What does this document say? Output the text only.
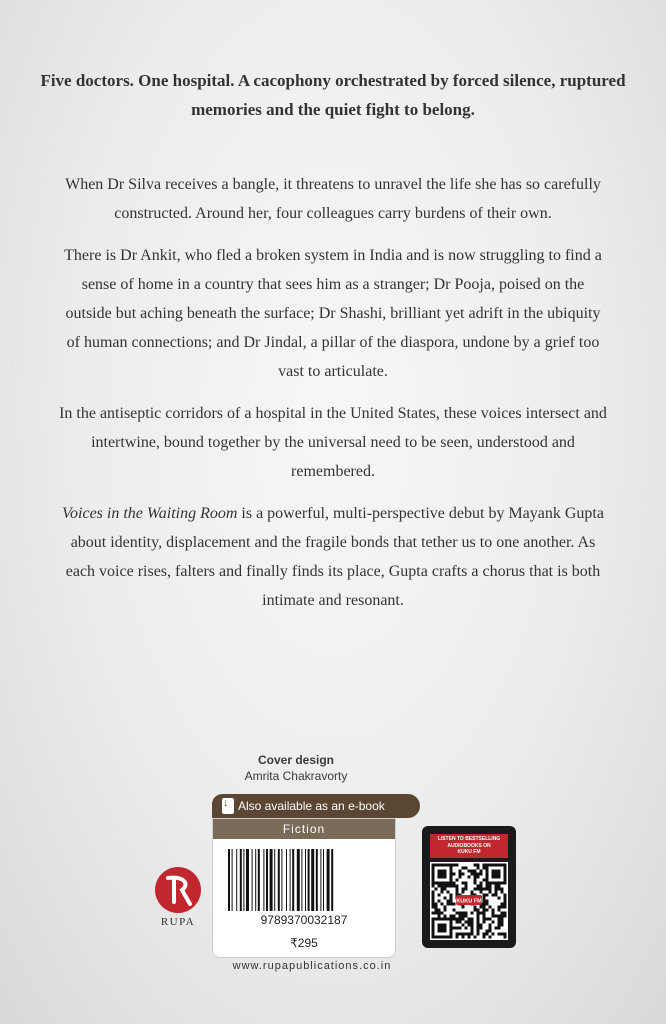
Five doctors. One hospital. A cacophony orchestrated by forced silence, ruptured memories and the quiet fight to belong.

When Dr Silva receives a bangle, it threatens to unravel the life she has so carefully constructed. Around her, four colleagues carry burdens of their own.

There is Dr Ankit, who fled a broken system in India and is now struggling to find a sense of home in a country that sees him as a stranger; Dr Pooja, poised on the outside but aching beneath the surface; Dr Shashi, brilliant yet adrift in the ubiquity of human connections; and Dr Jindal, a pillar of the diaspora, undone by a grief too vast to articulate.

In the antiseptic corridors of a hospital in the United States, these voices intersect and intertwine, bound together by the universal need to be seen, understood and remembered.

Voices in the Waiting Room is a powerful, multi-perspective debut by Mayank Gupta about identity, displacement and the fragile bonds that tether us to one another. As each voice rises, falters and finally finds its place, Gupta crafts a chorus that is both intimate and resonant.

Cover design
Amrita Chakravorty
↓
Also available as an e-book
Fiction
9789370032187
₹295
RUPA
LISTEN TO BESTSELLING
AUDIOBOOKS ON
KUKU FM
KUKU FM
www.rupapublications.co.in
